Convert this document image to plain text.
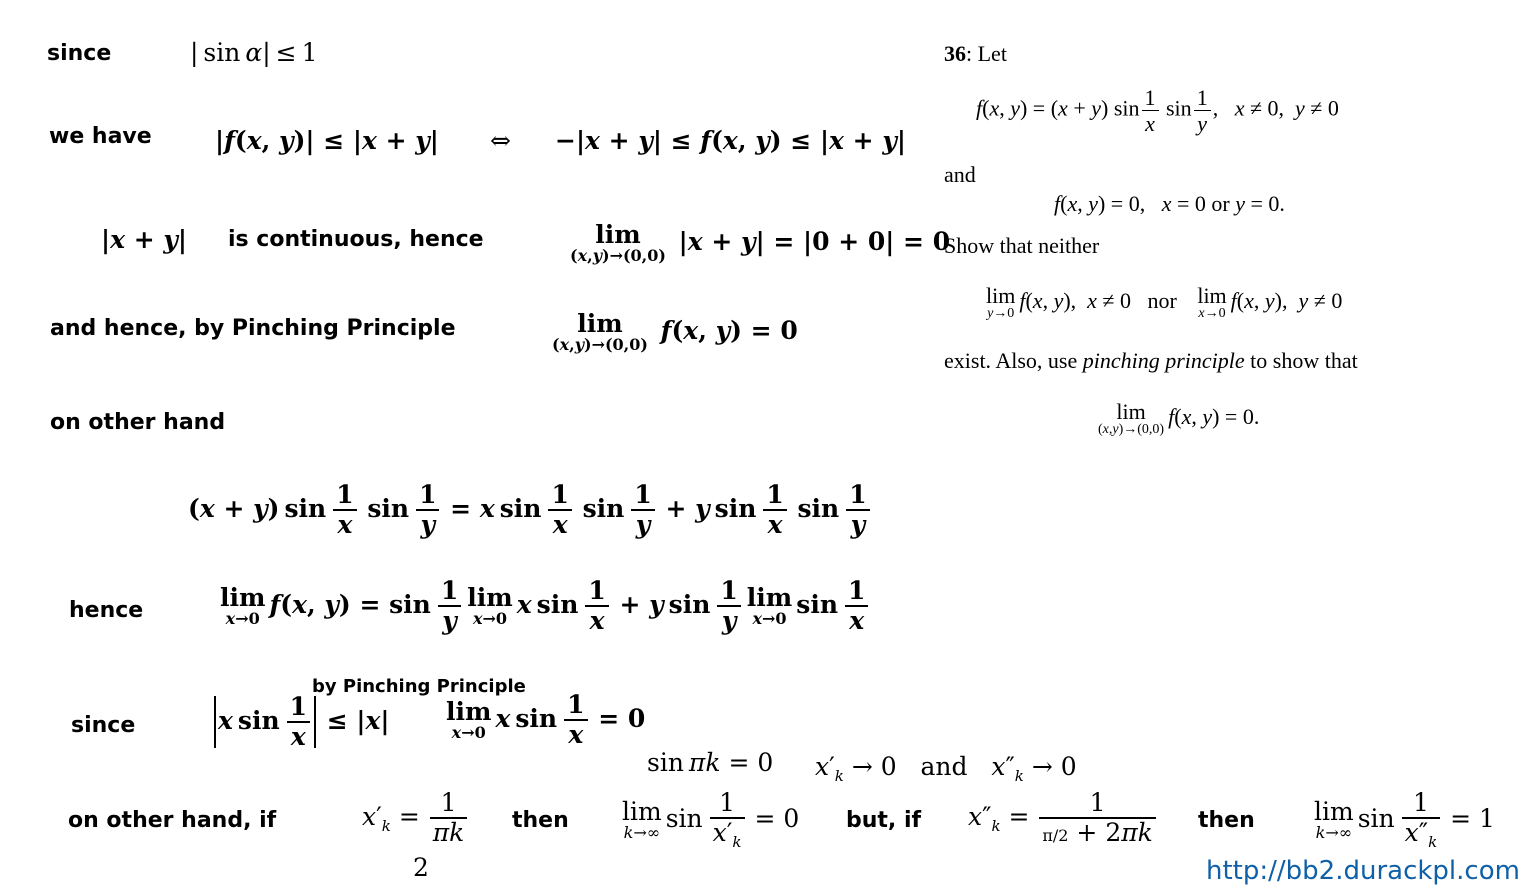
since	| sin α| ≤ 1
we have	|f(x, y)| ≤ |x + y| ⇔ −|x + y| ≤ f(x, y) ≤ |x + y|
|x + y| is continuous, hence	lim
(x,y)→(0,0) |x + y| = |0 + 0| = 0
and hence, by Pinching Principle	lim
(x,y)→(0,0) f(x, y) = 0
on other hand
(x + y) $\sin \frac{1}{x}$ $\sin \frac{1}{y} = x$ $\sin \frac{1}{x}$ $\sin \frac{1}{y} + y$ $\sin \frac{1}{x}$ $\sin \frac{1}{y}$
hence	lim
x→0 f(x, $y) = \sin \frac{1}{y}$ lim
x→0 x $\sin \frac{1}{x} + y$ $\sin \frac{1}{y}$ lim
x→0 $\sin \frac{1}{x}$
by Pinching Principle
since	x $\sin \frac{1}{x} \le |x|$ lim
x→0 x $\sin \frac{1}{x} = 0$
sin πk = 0 $x'_k \to 0$   and   $x''_k \to 0$
on other hand, if	$x'_k = \frac{1}{\pi k}$ then lim
k→∞ $\sin \frac{1}{x'_k} = 0$ but, if $x''_k = \frac{1}{\pi/2 + 2\pi k}$ then lim
k→∞ $\sin \frac{1}{x''_k} = 1$
2
36: Let
f(x, y) = (x + y) $\sin \frac{1}{x}$ $\sin \frac{1}{y}$ ,   x ≠ 0,  y ≠ 0
and
f(x, y) = 0,   x = 0 or y = 0.
Show that neither
lim
y→0
f(x, y),  x ≠ 0   nor lim
x→0
f(x, y),  y ≠ 0
exist. Also, use pinching principle to show that
lim
(x,y)→(0,0)
f(x, y) = 0.
http://bb2.durackpl.com
